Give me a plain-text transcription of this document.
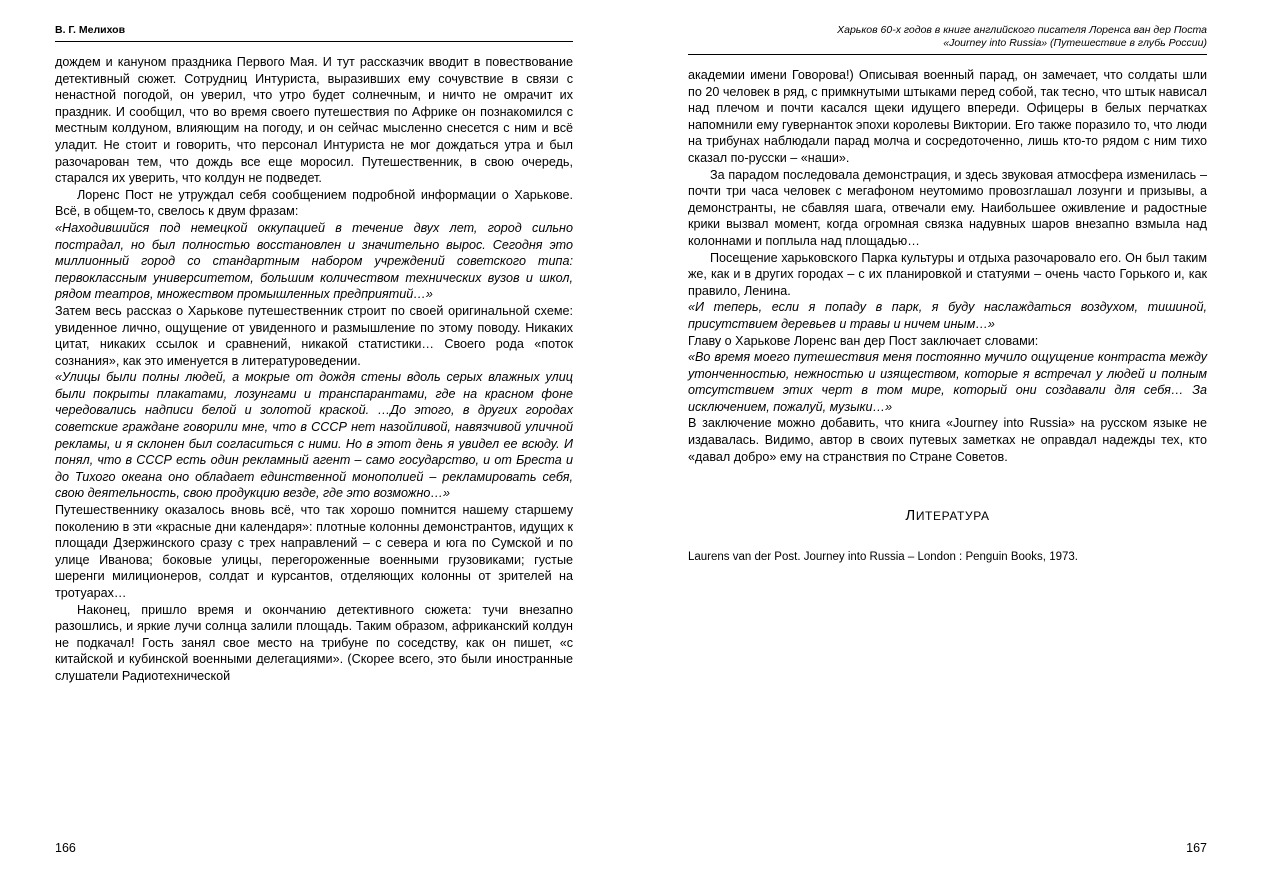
В. Г. Мелихов

дождем и кануном праздника Первого Мая. И тут рассказчик вводит в повествование детективный сюжет. Сотрудниц Интуриста, выразивших ему сочувствие в связи с ненастной погодой, он уверил, что утро будет солнечным, и ничто не омрачит их праздник. И сообщил, что во время своего путешествия по Африке он познакомился с местным колдуном, влияющим на погоду, и он сейчас мысленно снесется с ним и всё уладит. Не стоит и говорить, что персонал Интуриста не мог дождаться утра и был разочарован тем, что дождь все еще моросил. Путешественник, в свою очередь, старался их уверить, что колдун не подведет.

Лоренс Пост не утруждал себя сообщением подробной информации о Харькове. Всё, в общем-то, свелось к двум фразам:

«Находившийся под немецкой оккупацией в течение двух лет, город сильно пострадал, но был полностью восстановлен и значительно вырос. Сегодня это миллионный город со стандартным набором учреждений советского типа: первоклассным университетом, большим количеством технических вузов и школ, рядом театров, множеством промышленных предприятий…»

Затем весь рассказ о Харькове путешественник строит по своей оригинальной схеме: увиденное лично, ощущение от увиденного и размышление по этому поводу. Никаких цитат, никаких ссылок и сравнений, никакой статистики… Своего рода «поток сознания», как это именуется в литературоведении.

«Улицы были полны людей, а мокрые от дождя стены вдоль серых влажных улиц были покрыты плакатами, лозунгами и транспарантами, где на красном фоне чередовались надписи белой и золотой краской. …До этого, в других городах советские граждане говорили мне, что в СССР нет назойливой, навязчивой уличной рекламы, и я склонен был согласиться с ними. Но в этот день я увидел ее всюду. И понял, что в СССР есть один рекламный агент – само государство, и от Бреста и до Тихого океана оно обладает единственной монополией – рекламировать себя, свою деятельность, свою продукцию везде, где это возможно…»

Путешественнику оказалось вновь всё, что так хорошо помнится нашему старшему поколению в эти «красные дни календаря»: плотные колонны демонстрантов, идущих к площади Дзержинского сразу с трех направлений – с севера и юга по Сумской и по улице Иванова; боковые улицы, перегороженные военными грузовиками; густые шеренги милиционеров, солдат и курсантов, отделяющих колонны от зрителей на тротуарах…

Наконец, пришло время и окончанию детективного сюжета: тучи внезапно разошлись, и яркие лучи солнца залили площадь. Таким образом, африканский колдун не подкачал! Гость занял свое место на трибуне по соседству, как он пишет, «с китайской и кубинской военными делегациями». (Скорее всего, это были иностранные слушатели Радиотехнической

166
Харьков 60-х годов в книге английского писателя Лоренса ван дер Поста
«Journey into Russia» (Путешествие в глубь России)

академии имени Говорова!) Описывая военный парад, он замечает, что солдаты шли по 20 человек в ряд, с примкнутыми штыками перед собой, так тесно, что штык нависал над плечом и почти касался щеки идущего впереди. Офицеры в белых перчатках напомнили ему гувернанток эпохи королевы Виктории. Его также поразило то, что люди на трибунах наблюдали парад молча и сосредоточенно, лишь кто-то рядом с ним тихо сказал по-русски – «наши».

За парадом последовала демонстрация, и здесь звуковая атмосфера изменилась – почти три часа человек с мегафоном неутомимо провозглашал лозунги и призывы, а демонстранты, не сбавляя шага, отвечали ему. Наибольшее оживление и радостные крики вызвал момент, когда огромная связка надувных шаров внезапно взмыла над колоннами и поплыла над площадью…

Посещение харьковского Парка культуры и отдыха разочаровало его. Он был таким же, как и в других городах – с их планировкой и статуями – очень часто Горького и, как правило, Ленина.

«И теперь, если я попаду в парк, я буду наслаждаться воздухом, тишиной, присутствием деревьев и травы и ничем иным…»

Главу о Харькове Лоренс ван дер Пост заключает словами:

«Во время моего путешествия меня постоянно мучило ощущение контраста между утонченностью, нежностью и изяществом, которые я встречал у людей и полным отсутствием этих черт в том мире, который они создавали для себя… За исключением, пожалуй, музыки…»

В заключение можно добавить, что книга «Journey into Russia» на русском языке не издавалась. Видимо, автор в своих путевых заметках не оправдал надежды тех, кто «давал добро» ему на странствия по Стране Советов.

ЛИТЕРАТУРА
Laurens van der Post. Journey into Russia – London : Penguin Books, 1973.
167
